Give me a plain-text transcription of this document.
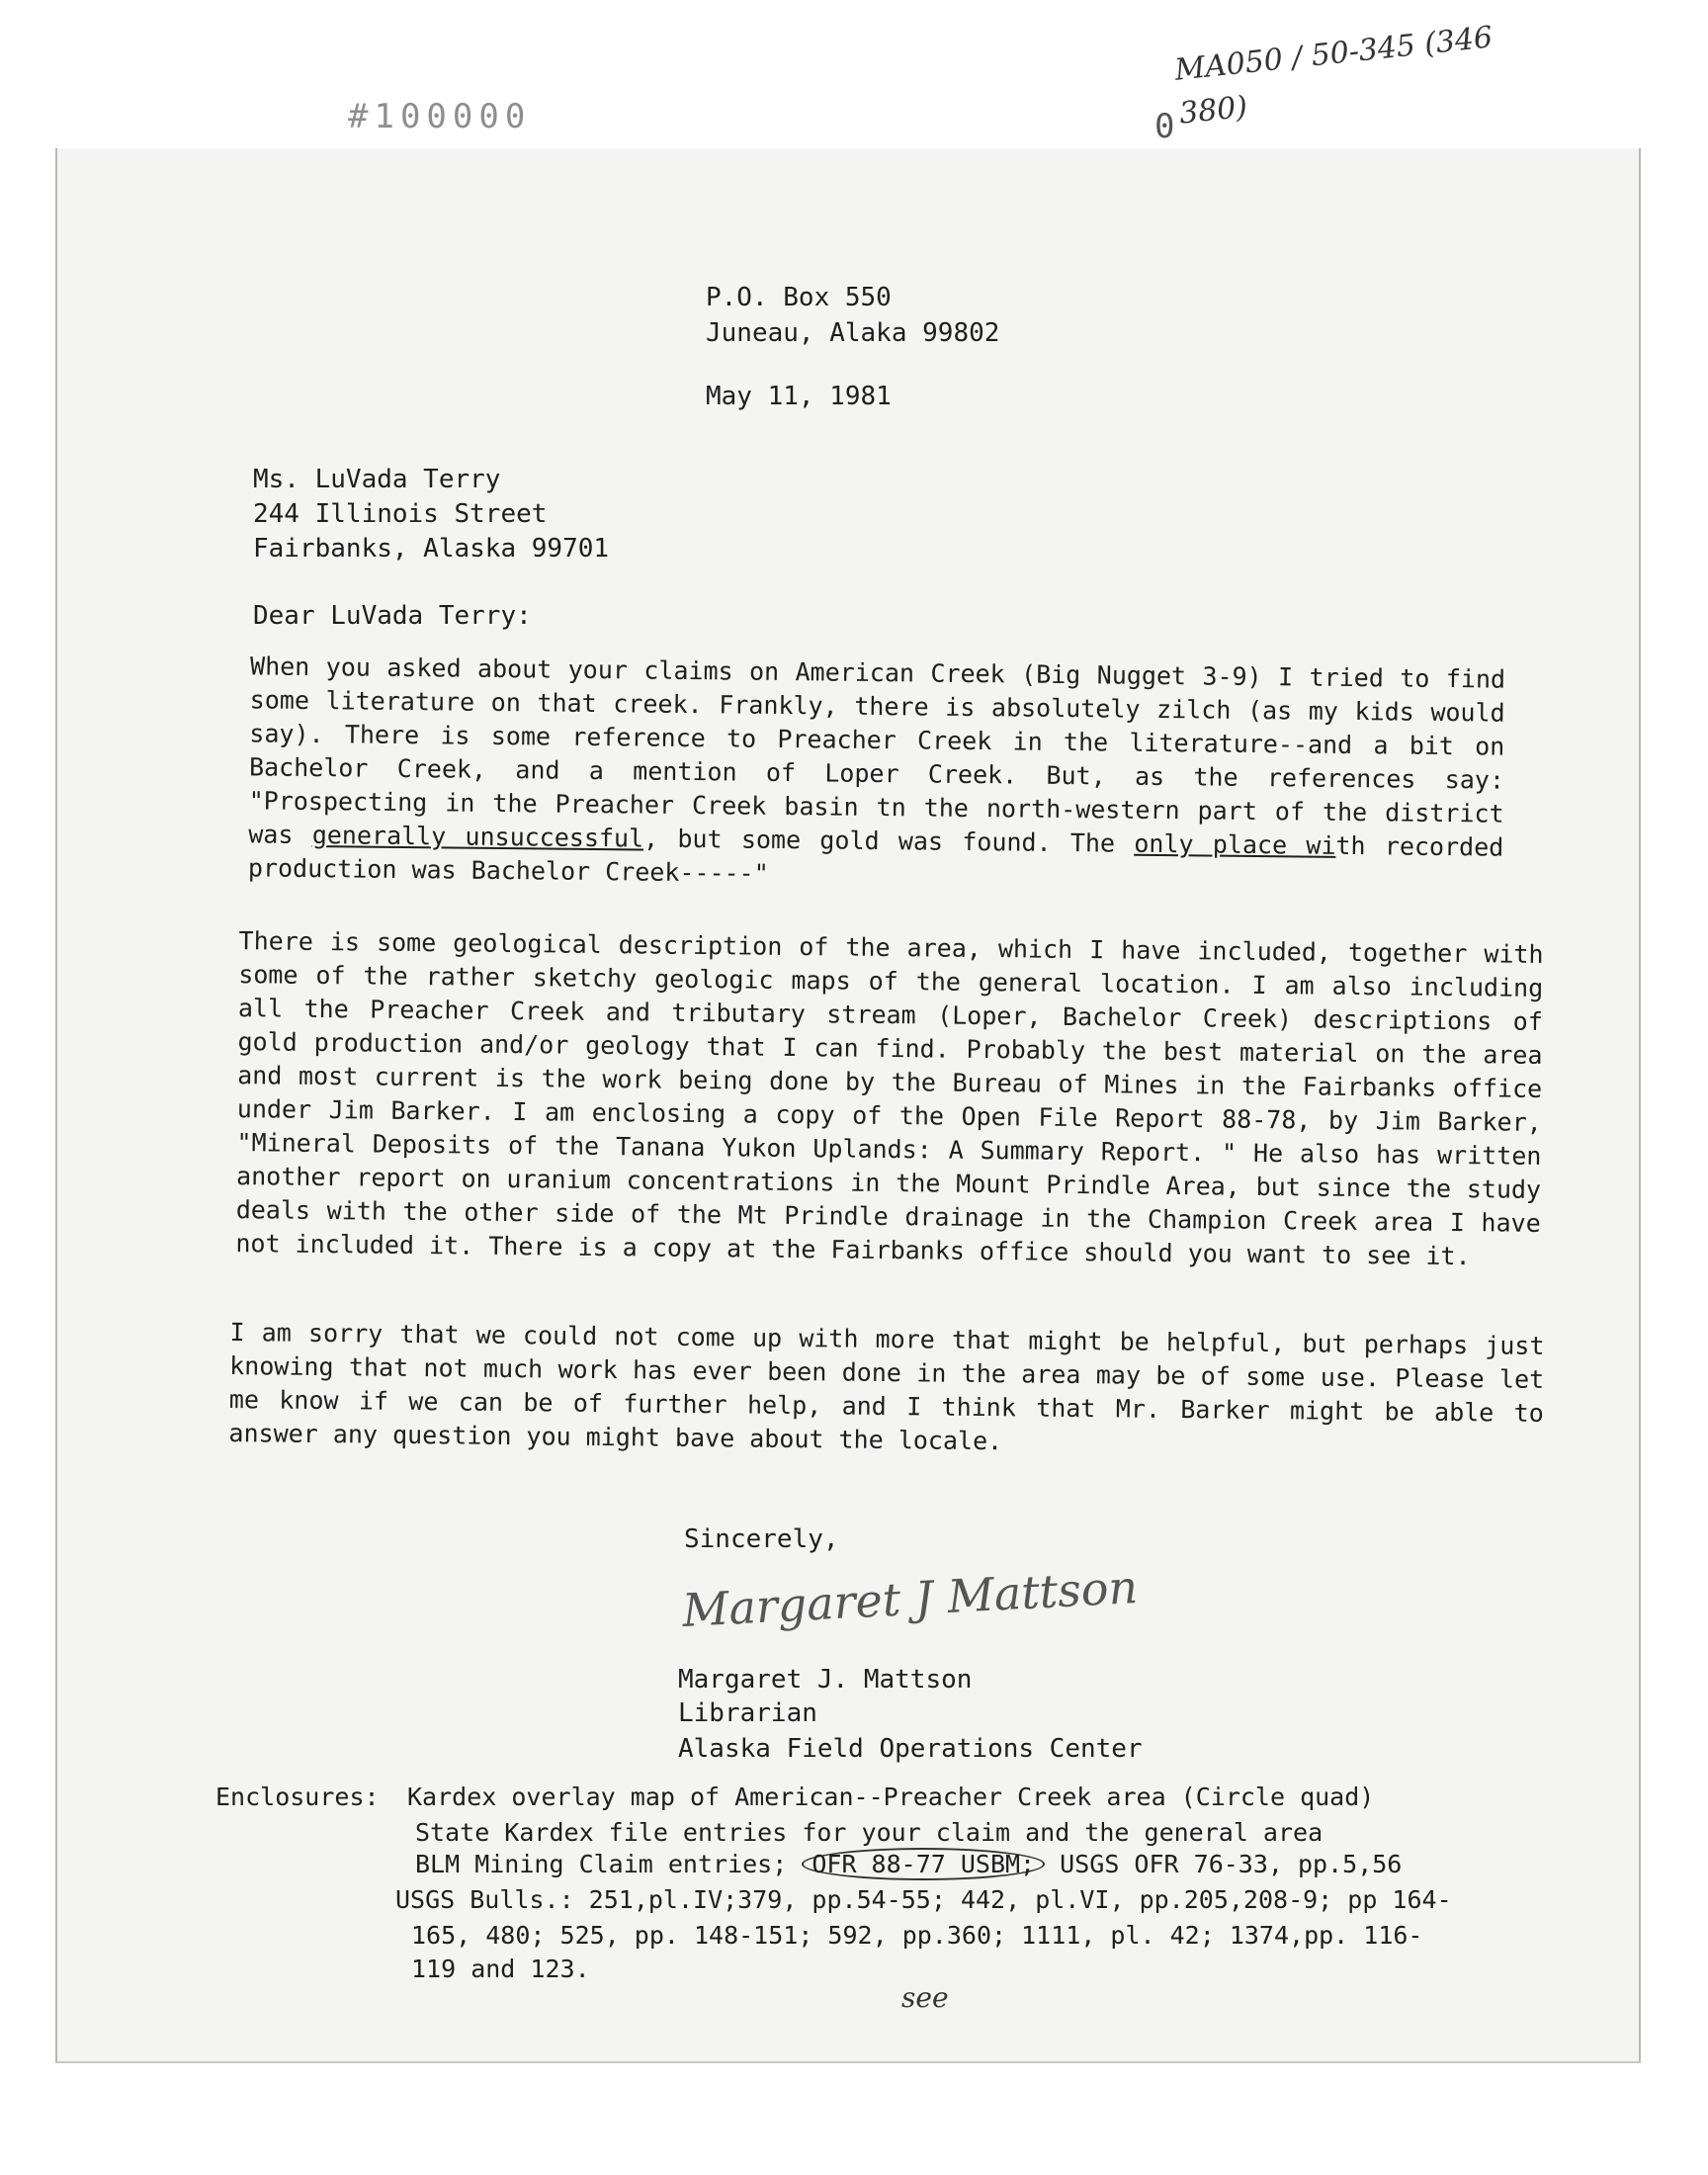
#100000	0
MA050 / 50-345 (346 380)
P.O. Box 550
Juneau, Alaka 99802
May 11, 1981
Ms. LuVada Terry
244 Illinois Street
Fairbanks, Alaska 99701
Dear LuVada Terry:

When you asked about your claims on American Creek (Big Nugget 3-9) I tried to find some literature on that creek. Frankly, there is absolutely zilch (as my kids would say). There is some reference to Preacher Creek in the literature--and a bit on Bachelor Creek, and a mention of Loper Creek. But, as the references say: "Prospecting in the Preacher Creek basin tn the north-western part of the district was generally unsuccessful, but some gold was found. The only place with recorded production was Bachelor Creek-----"

There is some geological description of the area, which I have included, together with some of the rather sketchy geologic maps of the general location. I am also including all the Preacher Creek and tributary stream (Loper, Bachelor Creek) descriptions of gold production and/or geology that I can find. Probably the best material on the area and most current is the work being done by the Bureau of Mines in the Fairbanks office under Jim Barker. I am enclosing a copy of the Open File Report 88-78, by Jim Barker, "Mineral Deposits of the Tanana Yukon Uplands: A Summary Report. " He also has written another report on uranium concentrations in the Mount Prindle Area, but since the study deals with the other side of the Mt Prindle drainage in the Champion Creek area I have not included it. There is a copy at the Fairbanks office should you want to see it.

I am sorry that we could not come up with more that might be helpful, but perhaps just knowing that not much work has ever been done in the area may be of some use. Please let me know if we can be of further help, and I think that Mr. Barker might be able to answer any question you might bave about the locale.

Sincerely,
Margaret J Mattson
Margaret J. Mattson
Librarian
Alaska Field Operations Center
Enclosures: Kardex overlay map of American--Preacher Creek area (Circle quad)
State Kardex file entries for your claim and the general area
BLM Mining Claim entries; OFR 88-77 USBM; USGS OFR 76-33, pp.5,56
USGS Bulls.: 251,pl.IV;379, pp.54-55; 442, pl.VI, pp.205,208-9; pp 164-
165, 480; 525, pp. 148-151; 592, pp.360; 1111, pl. 42; 1374,pp. 116-
119 and 123.
see
